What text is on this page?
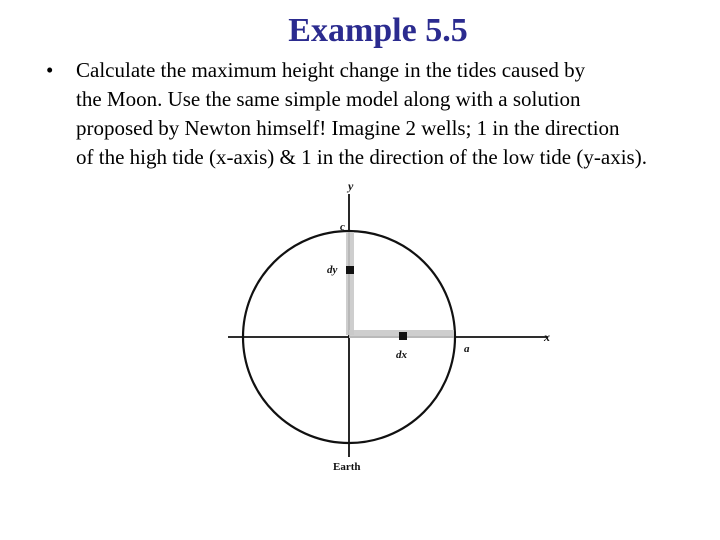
Example 5.5
• Calculate the maximum height change in the tides caused by
the Moon. Use the same simple model along with a solution
proposed by Newton himself! Imagine 2 wells; 1 in the direction
of the high tide (x-axis) & 1 in the direction of the low tide (y-axis).
y
x
c
a
dy
dx
Earth
